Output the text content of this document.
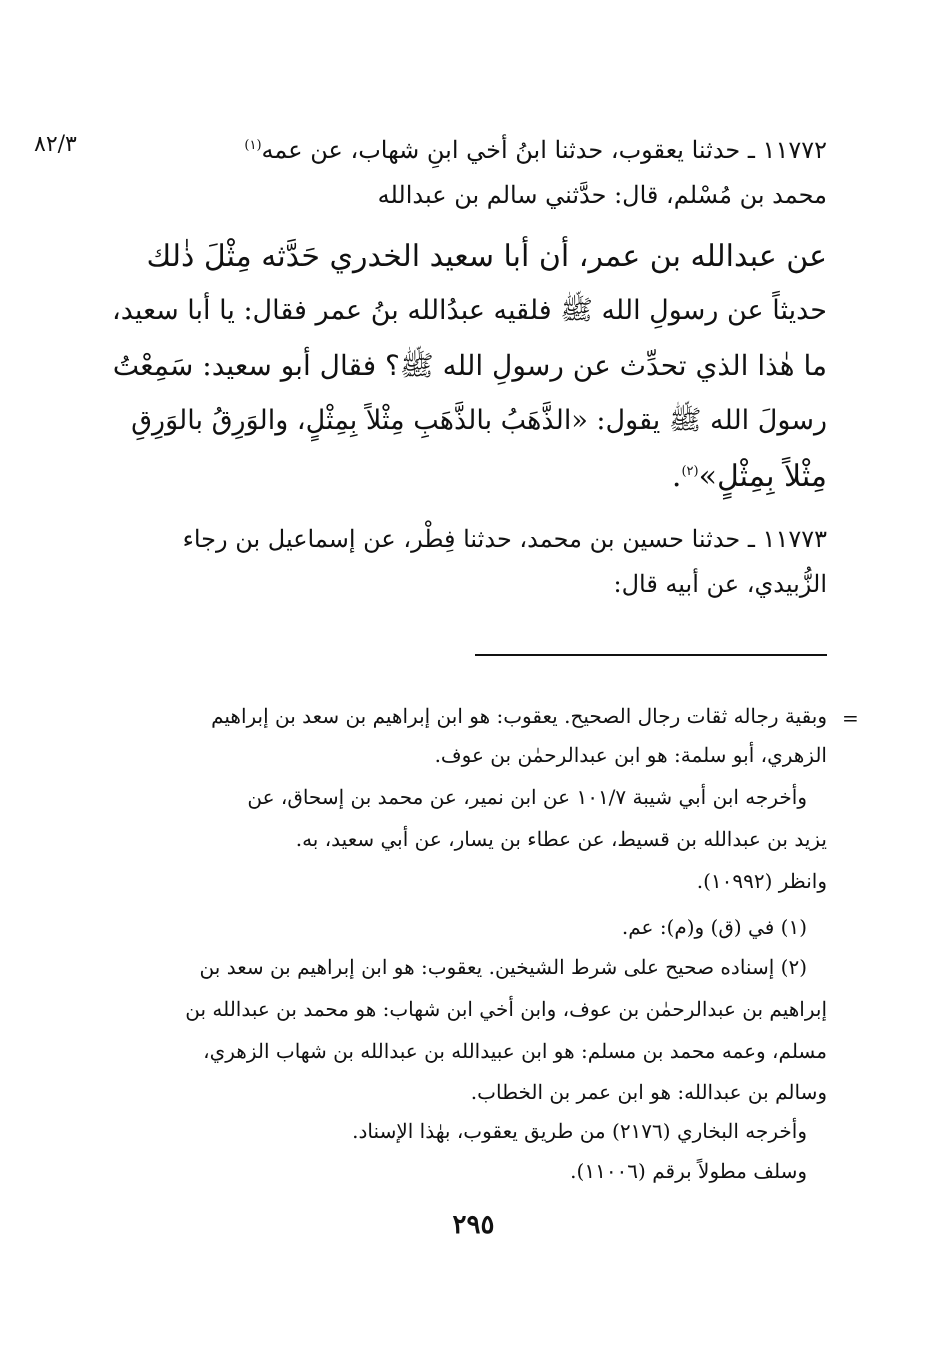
٨٢/٣	١١٧٧٢ ـ حدثنا يعقوب، حدثنا ابنُ أخي ابنِ شهاب، عن عمه$^{(١)}$
محمد بن مُسْلم، قال: حدَّثني سالم بن عبدالله
عن عبدالله بن عمر، أن أبا سعيد الخدري حَدَّثه مِثْلَ ذٰلك
حديثاً عن رسولِ الله ﷺ فلقيه عبدُالله بنُ عمر فقال: يا أبا سعيد،
ما هٰذا الذي تحدِّث عن رسولِ الله ﷺ؟ فقال أبو سعيد: سَمِعْتُ
رسولَ الله ﷺ يقول: «الذَّهَبُ بالذَّهَبِ مِثْلاً بِمِثْلٍ، والوَرِقُ بالوَرِقِ
مِثْلاً بِمِثْلٍ»$^{(٢)}$.
١١٧٧٣ ـ حدثنا حسين بن محمد، حدثنا فِطْر، عن إسماعيل بن رجاء
الزُّبيدي، عن أبيه قال:
=
وبقية رجاله ثقات رجال الصحيح. يعقوب: هو ابن إبراهيم بن سعد بن إبراهيم
الزهري، أبو سلمة: هو ابن عبدالرحمٰن بن عوف.
وأخرجه ابن أبي شيبة ١٠١/٧ عن ابن نمير، عن محمد بن إسحاق، عن
يزيد بن عبدالله بن قسيط، عن عطاء بن يسار، عن أبي سعيد، به.
وانظر (١٠٩٩٢).
(١) في (ق) و(م): عم.
(٢) إسناده صحيح على شرط الشيخين. يعقوب: هو ابن إبراهيم بن سعد بن
إبراهيم بن عبدالرحمٰن بن عوف، وابن أخي ابن شهاب: هو محمد بن عبدالله بن
مسلم، وعمه محمد بن مسلم: هو ابن عبيدالله بن عبدالله بن شهاب الزهري،
وسالم بن عبدالله: هو ابن عمر بن الخطاب.
وأخرجه البخاري (٢١٧٦) من طريق يعقوب، بهٰذا الإسناد.
وسلف مطولاً برقم (١١٠٠٦).
٢٩٥
